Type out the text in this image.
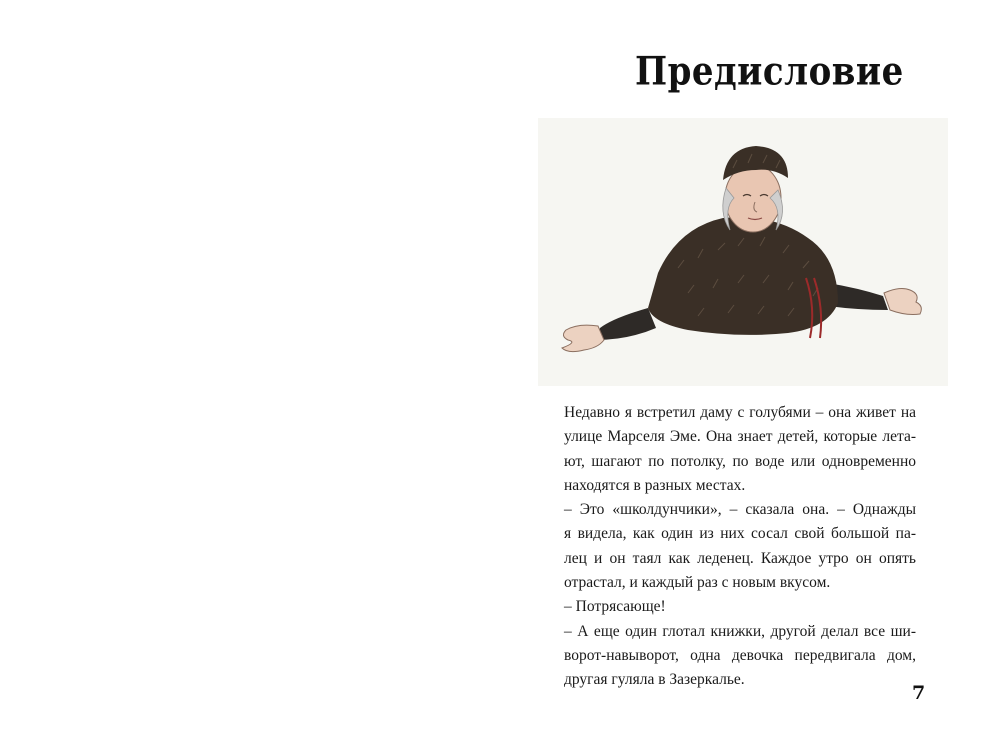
Предисловие
Недавно я встретил даму с голубями – она живет на
улице Марселя Эме. Она знает детей, которые лета-
ют, шагают по потолку, по воде или одновременно
находятся в разных местах.
– Это «школдунчики», – сказала она. – Однажды
я видела, как один из них сосал свой большой па-
лец и он таял как леденец. Каждое утро он опять
отрастал, и каждый раз с новым вкусом.
– Потрясающе!
– А еще один глотал книжки, другой делал все ши-
ворот-навыворот, одна девочка передвигала дом,
другая гуляла в Зазеркалье.
7
